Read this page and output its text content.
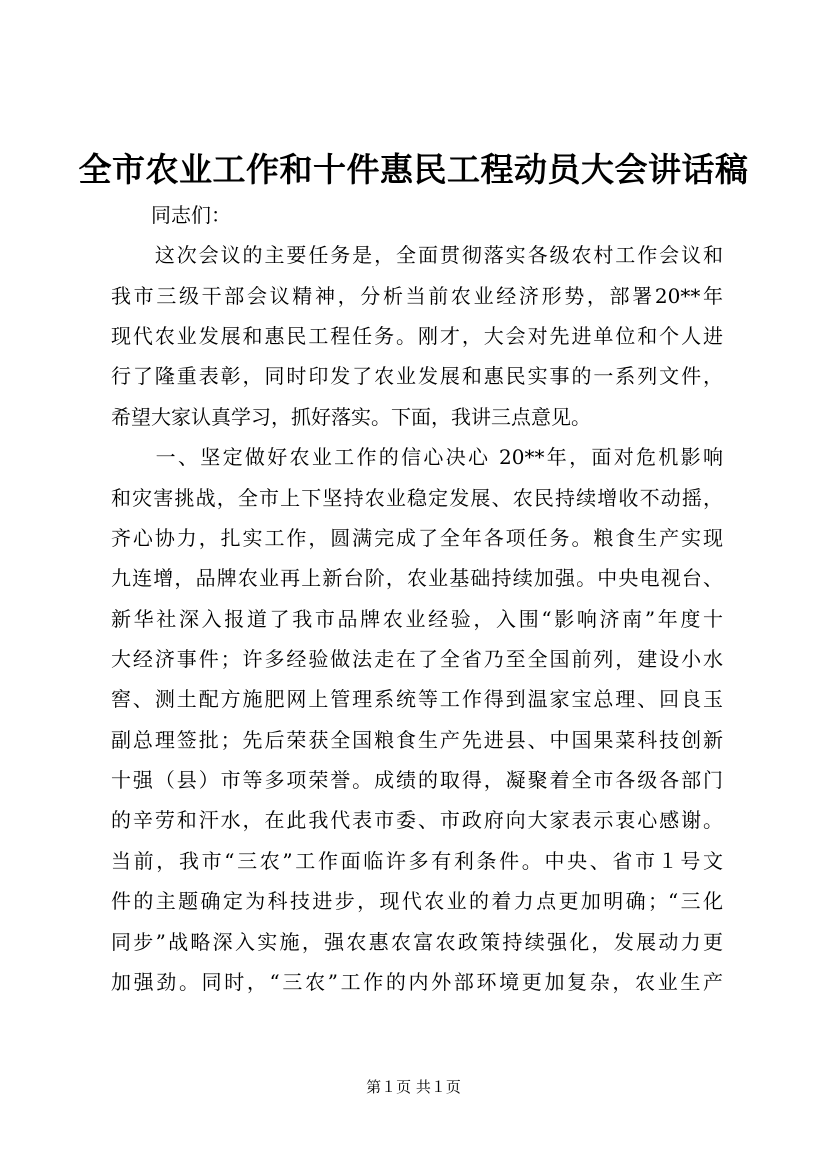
全市农业工作和十件惠民工程动员大会讲话稿
　　同志们：
　　这次会议的主要任务是，全面贯彻落实各级农村工作会议和
我市三级干部会议精神，分析当前农业经济形势，部署20**年
现代农业发展和惠民工程任务。刚才，大会对先进单位和个人进
行了隆重表彰，同时印发了农业发展和惠民实事的一系列文件，
希望大家认真学习，抓好落实。下面，我讲三点意见。
　　一、坚定做好农业工作的信心决心 20**年，面对危机影响
和灾害挑战，全市上下坚持农业稳定发展、农民持续增收不动摇，
齐心协力，扎实工作，圆满完成了全年各项任务。粮食生产实现
九连增，品牌农业再上新台阶，农业基础持续加强。中央电视台、
新华社深入报道了我市品牌农业经验，入围“影响济南”年度十
大经济事件；许多经验做法走在了全省乃至全国前列，建设小水
窖、测土配方施肥网上管理系统等工作得到温家宝总理、回良玉
副总理签批；先后荣获全国粮食生产先进县、中国果菜科技创新
十强（县）市等多项荣誉。成绩的取得，凝聚着全市各级各部门
的辛劳和汗水，在此我代表市委、市政府向大家表示衷心感谢。
当前，我市“三农”工作面临许多有利条件。中央、省市１号文
件的主题确定为科技进步，现代农业的着力点更加明确；“三化
同步”战略深入实施，强农惠农富农政策持续强化，发展动力更
加强劲。同时，“三农”工作的内外部环境更加复杂，农业生产
第１页 共１页
